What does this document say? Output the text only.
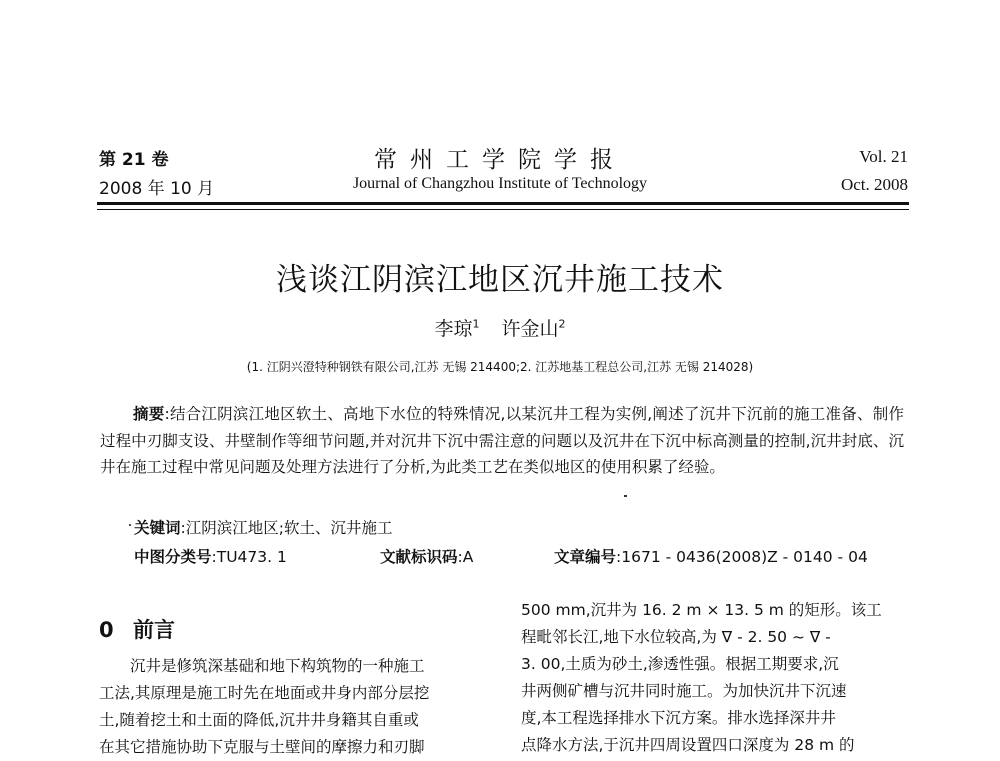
第 21 卷
2008 年 10 月
常州工学院学报
Journal of Changzhou Institute of Technology
Vol. 21
Oct. 2008
浅谈江阴滨江地区沉井施工技术
李琼$^1$ 许金山$^2$
(1. 江阴兴澄特种钢铁有限公司,江苏 无锡 214400;2. 江苏地基工程总公司,江苏 无锡 214028)
摘要:结合江阴滨江地区软土、高地下水位的特殊情况,以某沉井工程为实例,阐述了沉井下沉前的施工准备、制作过程中刃脚支设、井壁制作等细节问题,并对沉井下沉中需注意的问题以及沉井在下沉中标高测量的控制,沉井封底、沉井在施工过程中常见问题及处理方法进行了分析,为此类工艺在类似地区的使用积累了经验。
关键词:江阴滨江地区;软土、沉井施工
中图分类号:TU473. 1	文献标识码:A	文章编号:1671 - 0436(2008)Z - 0140 - 04
0 前言
沉井是修筑深基础和地下构筑物的一种施工
工法,其原理是施工时先在地面或井身内部分层挖
土,随着挖土和土面的降低,沉井井身籍其自重或
在其它措施协助下克服与土壁间的摩擦力和刃脚
500 mm,沉井为 16. 2 m × 13. 5 m 的矩形。该工
程毗邻长江,地下水位较高,为 ∇ - 2. 50 ~ ∇ -
3. 00,土质为砂土,渗透性强。根据工期要求,沉
井两侧矿槽与沉井同时施工。为加快沉井下沉速
度,本工程选择排水下沉方案。排水选择深井井
点降水方法,于沉井四周设置四口深度为 28 m 的
